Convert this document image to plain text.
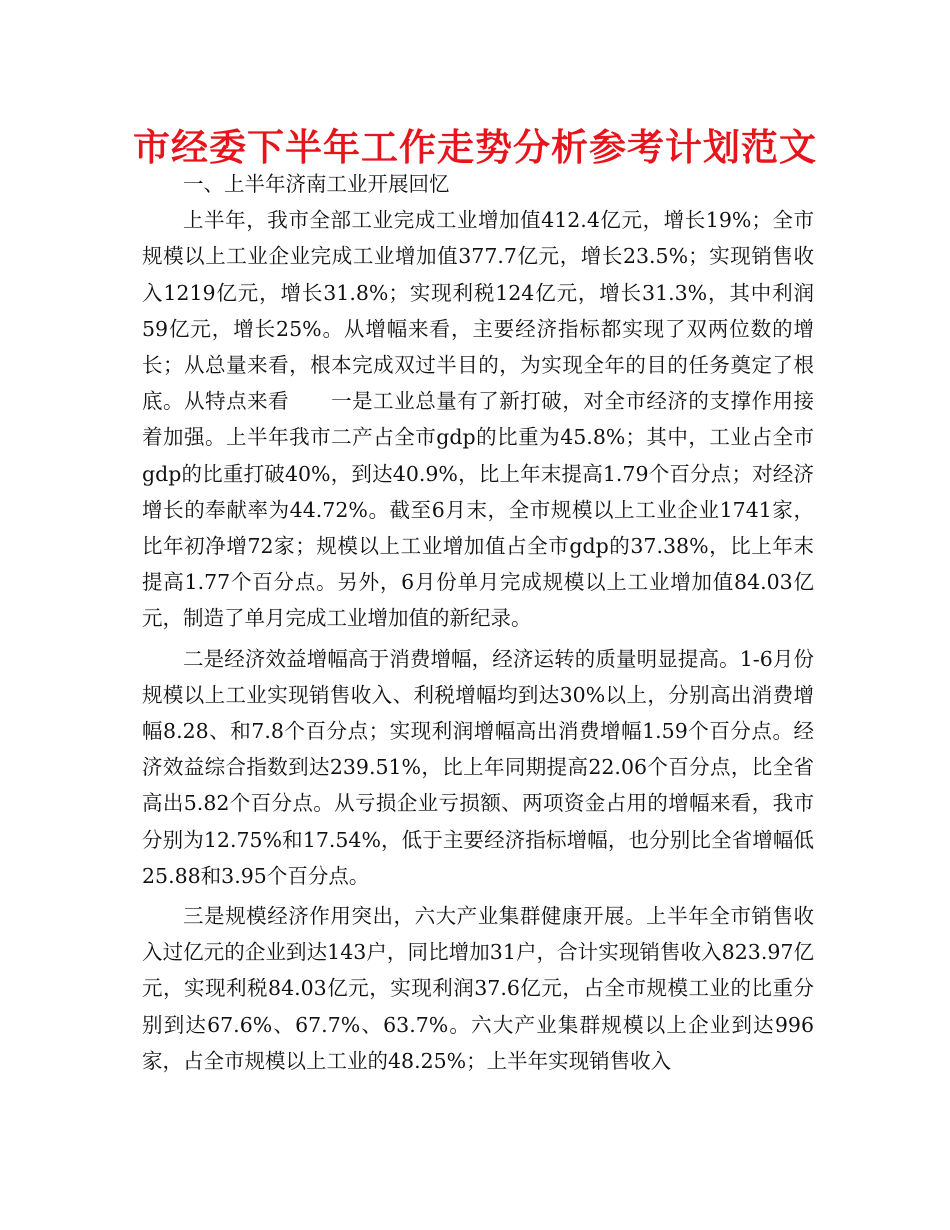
市经委下半年工作走势分析参考计划范文

一、上半年济南工业开展回忆

上半年，我市全部工业完成工业增加值412.4亿元，增长19%；全市规模以上工业企业完成工业增加值377.7亿元，增长23.5%；实现销售收入1219亿元，增长31.8%；实现利税124亿元，增长31.3%，其中利润59亿元，增长25%。从增幅来看，主要经济指标都实现了双两位数的增长；从总量来看，根本完成双过半目的，为实现全年的目的任务奠定了根底。从特点来看　　一是工业总量有了新打破，对全市经济的支撑作用接着加强。上半年我市二产占全市gdp的比重为45.8%；其中，工业占全市gdp的比重打破40%，到达40.9%，比上年末提高1.79个百分点；对经济增长的奉献率为44.72%。截至6月末，全市规模以上工业企业1741家，比年初净增72家；规模以上工业增加值占全市gdp的37.38%，比上年末提高1.77个百分点。另外，6月份单月完成规模以上工业增加值84.03亿元，制造了单月完成工业增加值的新纪录。

二是经济效益增幅高于消费增幅，经济运转的质量明显提高。1-6月份规模以上工业实现销售收入、利税增幅均到达30%以上，分别高出消费增幅8.28、和7.8个百分点；实现利润增幅高出消费增幅1.59个百分点。经济效益综合指数到达239.51%，比上年同期提高22.06个百分点，比全省高出5.82个百分点。从亏损企业亏损额、两项资金占用的增幅来看，我市分别为12.75%和17.54%，低于主要经济指标增幅，也分别比全省增幅低25.88和3.95个百分点。

三是规模经济作用突出，六大产业集群健康开展。上半年全市销售收入过亿元的企业到达143户，同比增加31户，合计实现销售收入823.97亿元，实现利税84.03亿元，实现利润37.6亿元，占全市规模工业的比重分别到达67.6%、67.7%、63.7%。六大产业集群规模以上企业到达996家，占全市规模以上工业的48.25%；上半年实现销售收入
